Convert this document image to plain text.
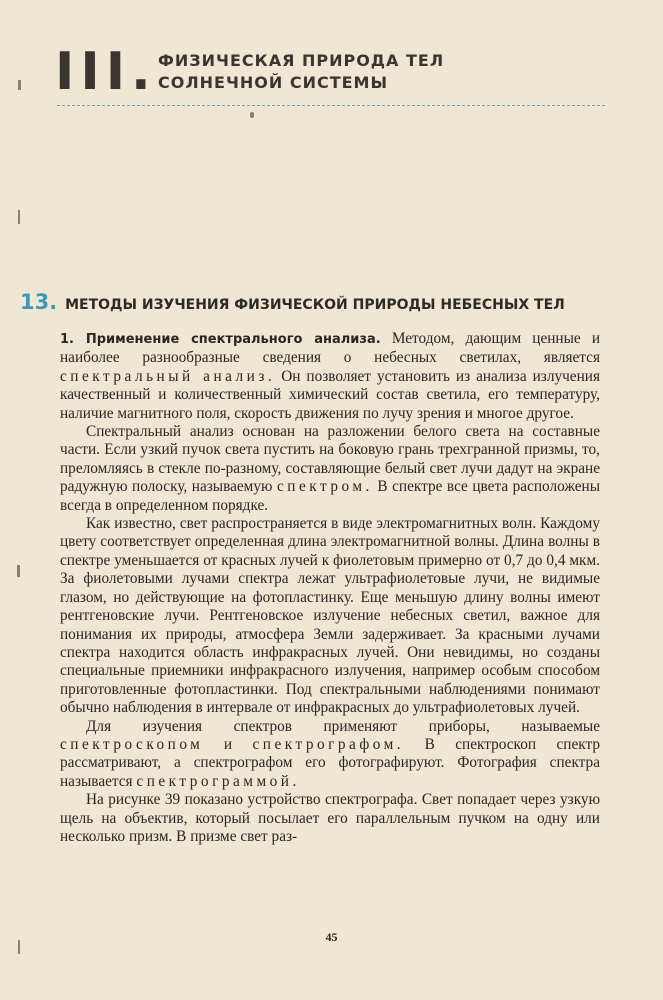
III. ФИЗИЧЕСКАЯ ПРИРОДА ТЕЛ
СОЛНЕЧНОЙ СИСТЕМЫ
13. МЕТОДЫ ИЗУЧЕНИЯ ФИЗИЧЕСКОЙ ПРИРОДЫ НЕБЕСНЫХ ТЕЛ

1. Применение спектрального анализа. Методом, дающим ценные и наиболее разнообразные сведения о небесных светилах, является спектральный анализ. Он позволяет установить из анализа излучения качественный и количественный химический состав светила, его температуру, наличие магнитного поля, скорость движения по лучу зрения и многое другое.

Спектральный анализ основан на разложении белого света на составные части. Если узкий пучок света пустить на боковую грань трехгранной призмы, то, преломляясь в стекле по-разному, составляющие белый свет лучи дадут на экране радужную полоску, называемую спектром. В спектре все цвета расположены всегда в определенном порядке.

Как известно, свет распространяется в виде электромагнитных волн. Каждому цвету соответствует определенная длина электромагнитной волны. Длина волны в спектре уменьшается от красных лучей к фиолетовым примерно от 0,7 до 0,4 мкм. За фиолетовыми лучами спектра лежат ультрафиолетовые лучи, не видимые глазом, но действующие на фотопластинку. Еще меньшую длину волны имеют рентгеновские лучи. Рентгеновское излучение небесных светил, важное для понимания их природы, атмосфера Земли задерживает. За красными лучами спектра находится область инфракрасных лучей. Они невидимы, но созданы специальные приемники инфракрасного излучения, например особым способом приготовленные фотопластинки. Под спектральными наблюдениями понимают обычно наблюдения в интервале от инфракрасных до ультрафиолетовых лучей.

Для изучения спектров применяют приборы, называемые спектроскопом и спектрографом. В спектроскоп спектр рассматривают, а спектрографом его фотографируют. Фотография спектра называется спектрограммой.

На рисунке 39 показано устройство спектрографа. Свет попадает через узкую щель на объектив, который посылает его параллельным пучком на одну или несколько призм. В призме свет раз-

45
